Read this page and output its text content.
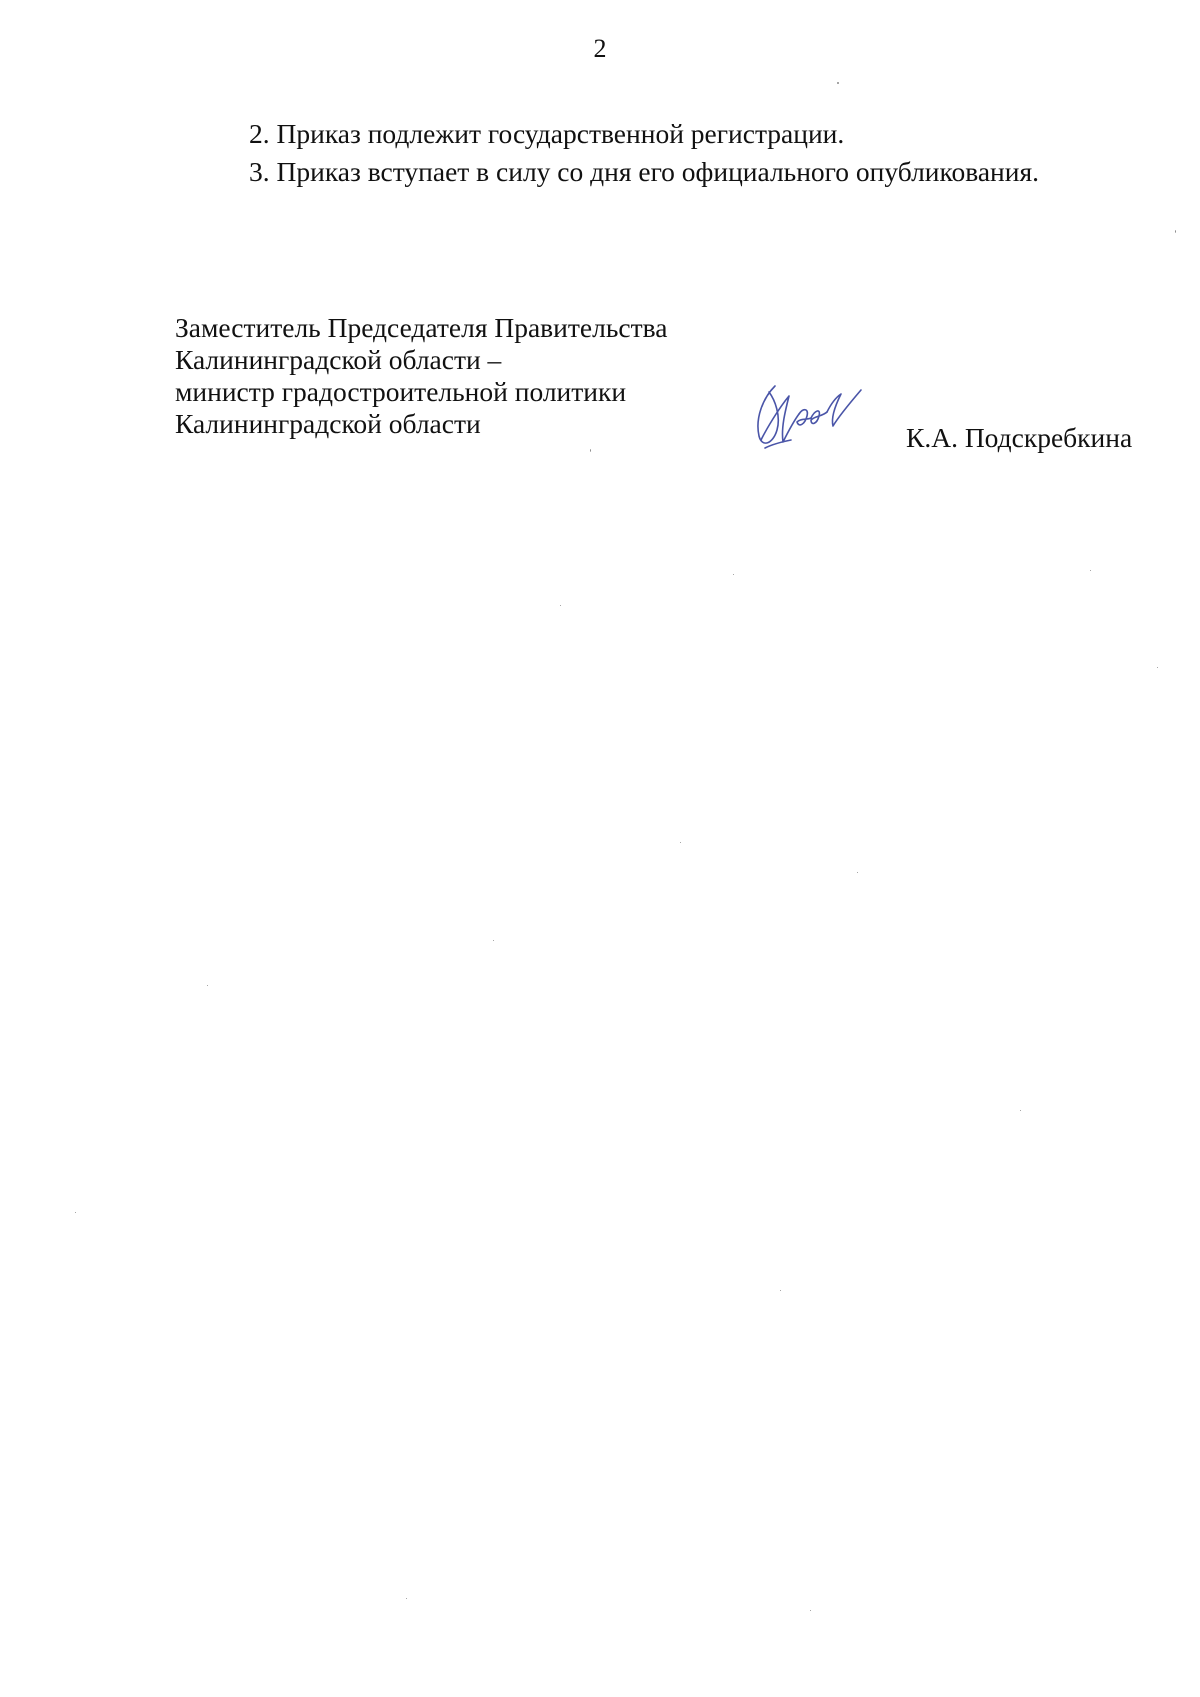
2
2. Приказ подлежит государственной регистрации.
3. Приказ вступает в силу со дня его официального опубликования.
Заместитель Председателя Правительства
Калининградской области –
министр градостроительной политики
Калининградской области	К.А. Подскребкина
